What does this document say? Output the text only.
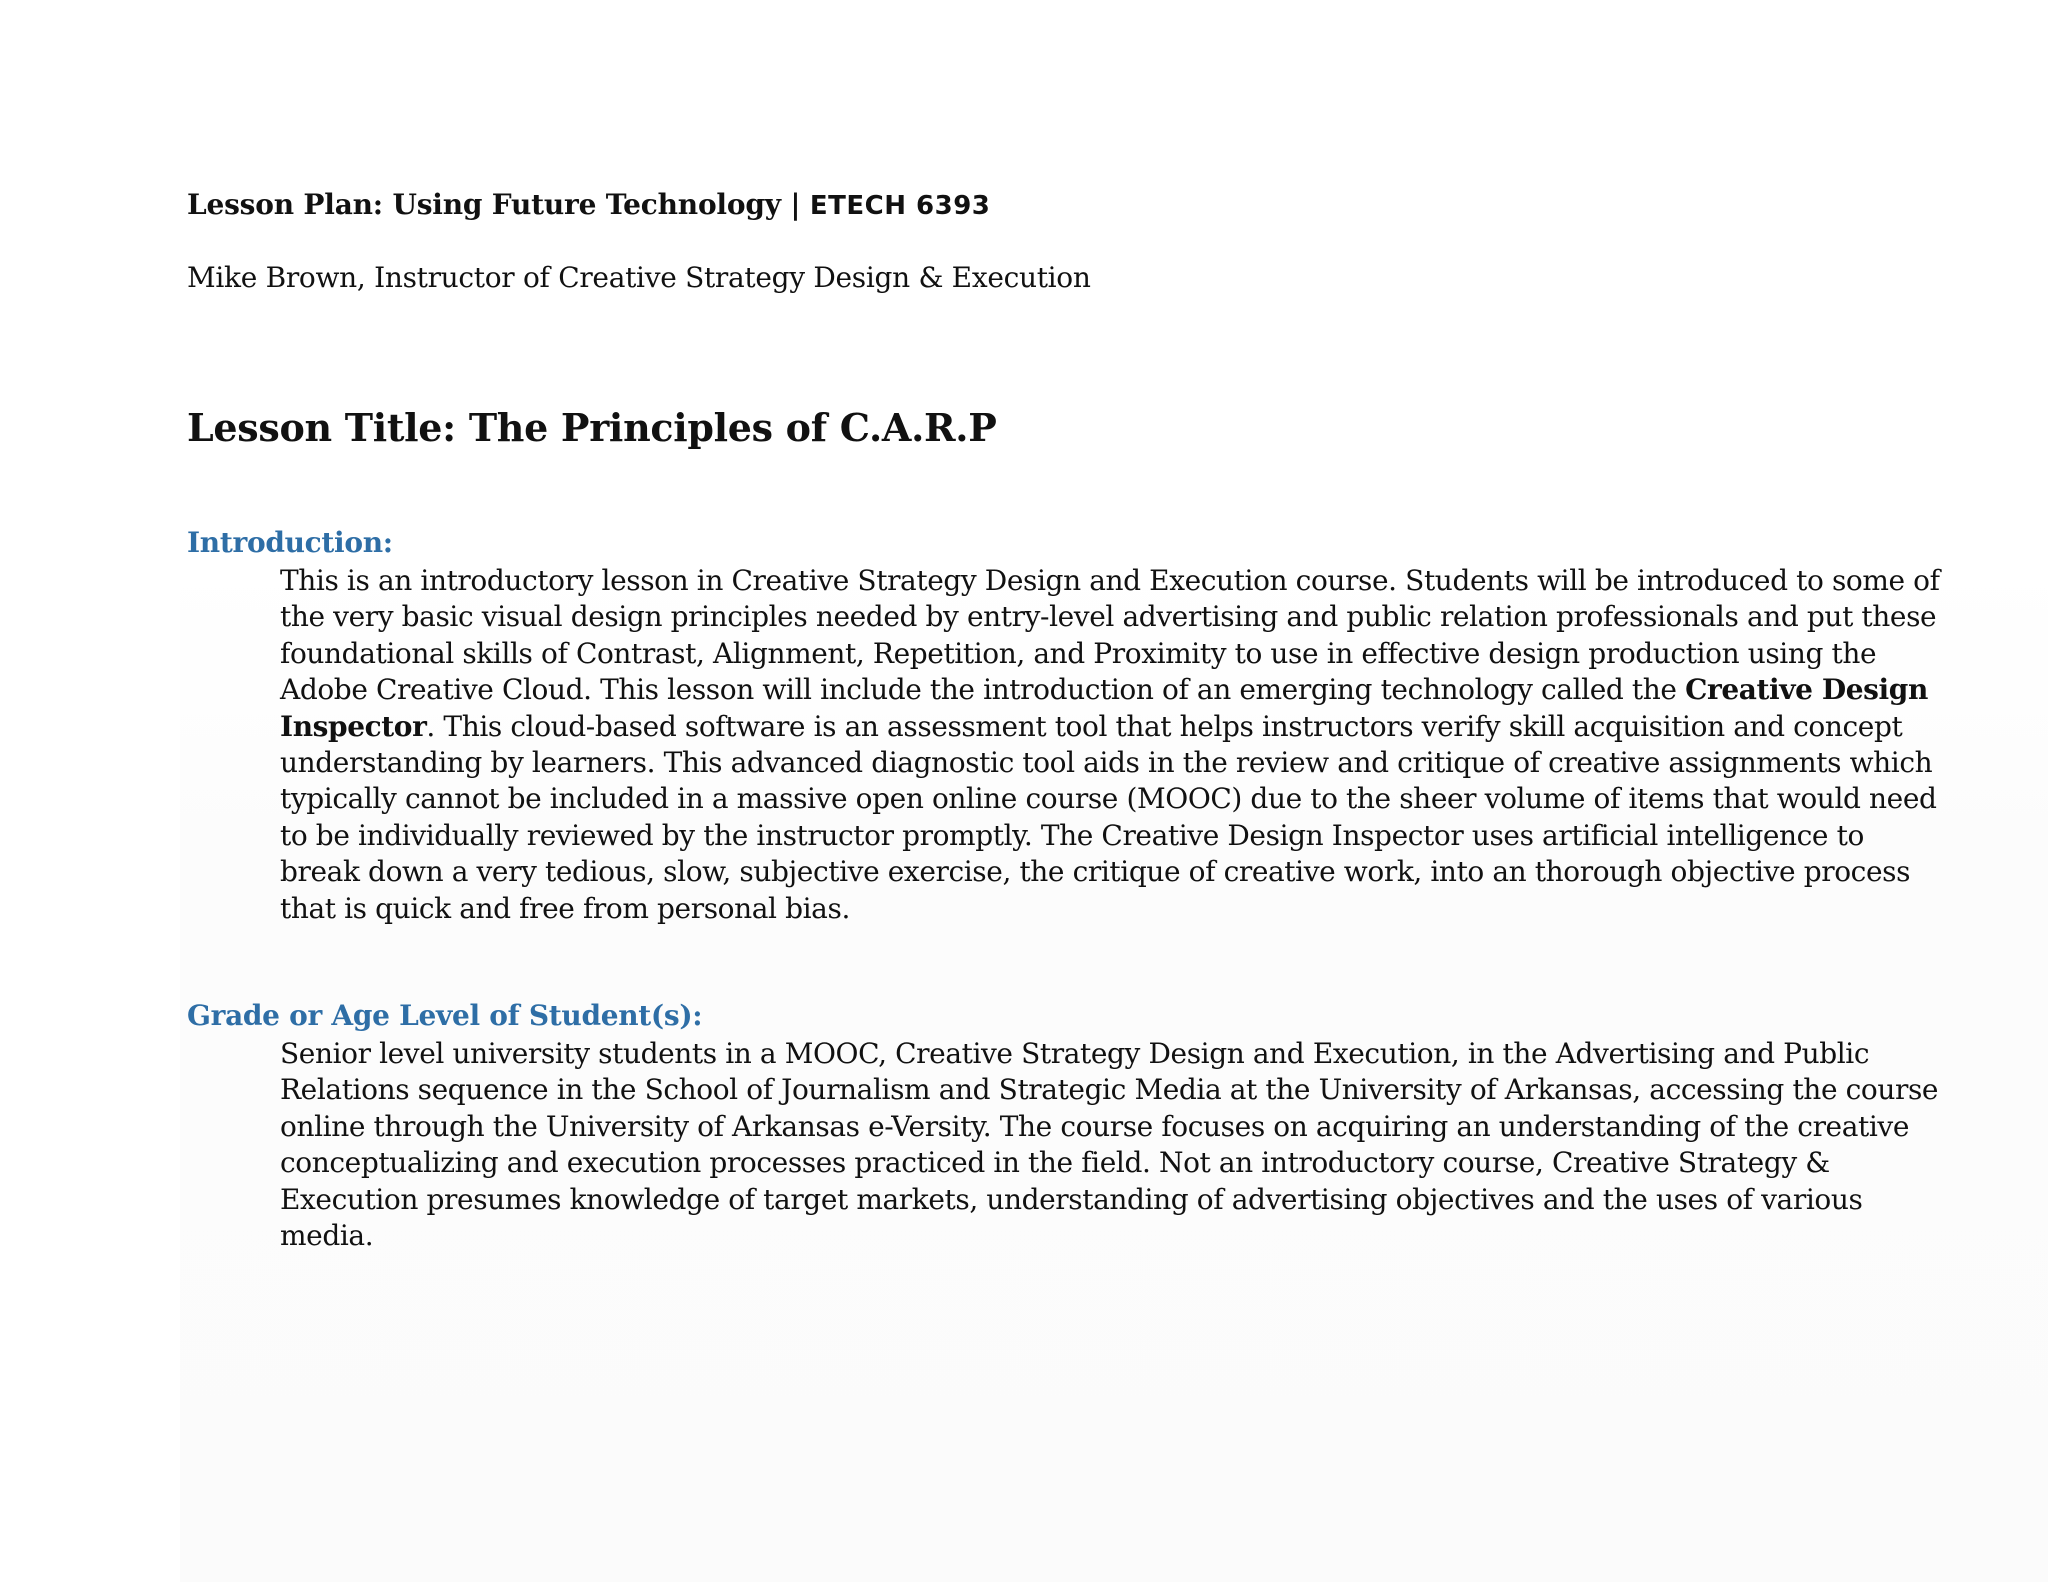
Lesson Plan: Using Future Technology | ETECH 6393
Mike Brown, Instructor of Creative Strategy Design & Execution
Lesson Title: The Principles of C.A.R.P
Introduction:
This is an introductory lesson in Creative Strategy Design and Execution course. Students will be introduced to some of
the very basic visual design principles needed by entry-level advertising and public relation professionals and put these
foundational skills of Contrast, Alignment, Repetition, and Proximity to use in effective design production using the
Adobe Creative Cloud. This lesson will include the introduction of an emerging technology called the Creative Design
Inspector. This cloud-based software is an assessment tool that helps instructors verify skill acquisition and concept
understanding by learners. This advanced diagnostic tool aids in the review and critique of creative assignments which
typically cannot be included in a massive open online course (MOOC) due to the sheer volume of items that would need
to be individually reviewed by the instructor promptly. The Creative Design Inspector uses artificial intelligence to
break down a very tedious, slow, subjective exercise, the critique of creative work, into an thorough objective process
that is quick and free from personal bias.
Grade or Age Level of Student(s):
Senior level university students in a MOOC, Creative Strategy Design and Execution, in the Advertising and Public
Relations sequence in the School of Journalism and Strategic Media at the University of Arkansas, accessing the course
online through the University of Arkansas e-Versity. The course focuses on acquiring an understanding of the creative
conceptualizing and execution processes practiced in the field. Not an introductory course, Creative Strategy &
Execution presumes knowledge of target markets, understanding of advertising objectives and the uses of various
media.
